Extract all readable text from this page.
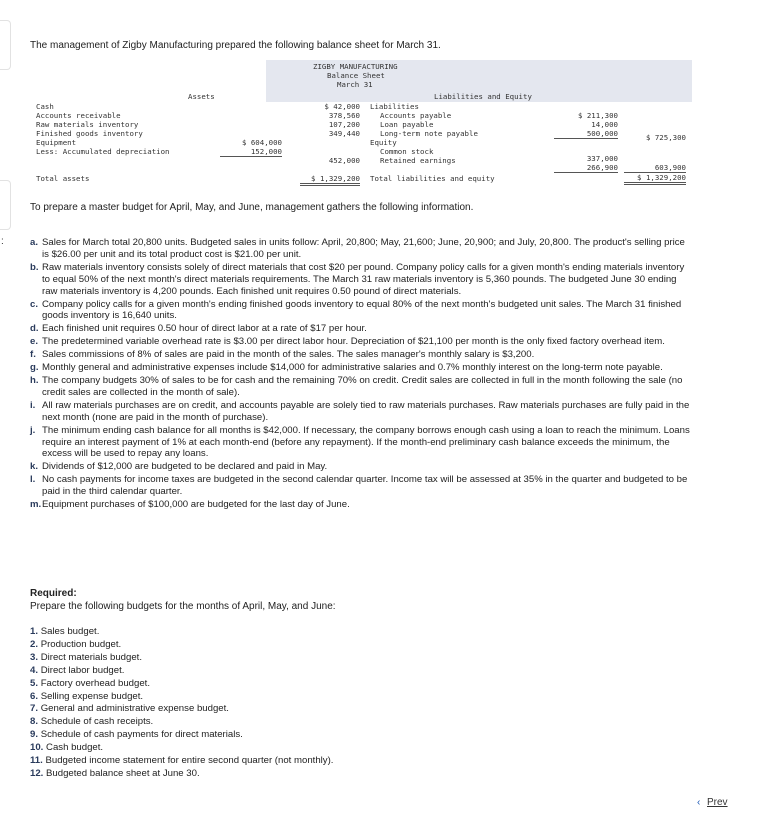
:
The management of Zigby Manufacturing prepared the following balance sheet for March 31.
ZIGBY MANUFACTURING
Balance Sheet
March 31
Assets	Liabilities and Equity
Cash
Accounts receivable
Raw materials inventory
Finished goods inventory
Equipment
Less: Accumulated depreciation
Total assets
$ 604,000
152,000
$ 42,000
378,560
107,200
349,440
452,000
$ 1,329,200
Liabilities
Accounts payable
Loan payable
Long-term note payable
Equity
Common stock
Retained earnings
Total liabilities and equity
$ 211,300
14,000
500,000
337,000
266,900
$ 725,300
603,900
$ 1,329,200
To prepare a master budget for April, May, and June, management gathers the following information.
a. Sales for March total 20,800 units. Budgeted sales in units follow: April, 20,800; May, 21,600; June, 20,900; and July, 20,800. The product's selling price is $26.00 per unit and its total product cost is $21.00 per unit.
b. Raw materials inventory consists solely of direct materials that cost $20 per pound. Company policy calls for a given month's ending materials inventory to equal 50% of the next month's direct materials requirements. The March 31 raw materials inventory is 5,360 pounds. The budgeted June 30 ending raw materials inventory is 4,200 pounds. Each finished unit requires 0.50 pound of direct materials.
c. Company policy calls for a given month's ending finished goods inventory to equal 80% of the next month's budgeted unit sales. The March 31 finished goods inventory is 16,640 units.
d. Each finished unit requires 0.50 hour of direct labor at a rate of $17 per hour.
e. The predetermined variable overhead rate is $3.00 per direct labor hour. Depreciation of $21,100 per month is the only fixed factory overhead item.
f. Sales commissions of 8% of sales are paid in the month of the sales. The sales manager's monthly salary is $3,200.
g. Monthly general and administrative expenses include $14,000 for administrative salaries and 0.7% monthly interest on the long-term note payable.
h. The company budgets 30% of sales to be for cash and the remaining 70% on credit. Credit sales are collected in full in the month following the sale (no credit sales are collected in the month of sale).
i. All raw materials purchases are on credit, and accounts payable are solely tied to raw materials purchases. Raw materials purchases are fully paid in the next month (none are paid in the month of purchase).
j. The minimum ending cash balance for all months is $42,000. If necessary, the company borrows enough cash using a loan to reach the minimum. Loans require an interest payment of 1% at each month-end (before any repayment). If the month-end preliminary cash balance exceeds the minimum, the excess will be used to repay any loans.
k. Dividends of $12,000 are budgeted to be declared and paid in May.
l. No cash payments for income taxes are budgeted in the second calendar quarter. Income tax will be assessed at 35% in the quarter and budgeted to be paid in the third calendar quarter.
m. Equipment purchases of $100,000 are budgeted for the last day of June.
Required:
Prepare the following budgets for the months of April, May, and June:
1. Sales budget.
2. Production budget.
3. Direct materials budget.
4. Direct labor budget.
5. Factory overhead budget.
6. Selling expense budget.
7. General and administrative expense budget.
8. Schedule of cash receipts.
9. Schedule of cash payments for direct materials.
10. Cash budget.
11. Budgeted income statement for entire second quarter (not monthly).
12. Budgeted balance sheet at June 30.
‹ Prev
